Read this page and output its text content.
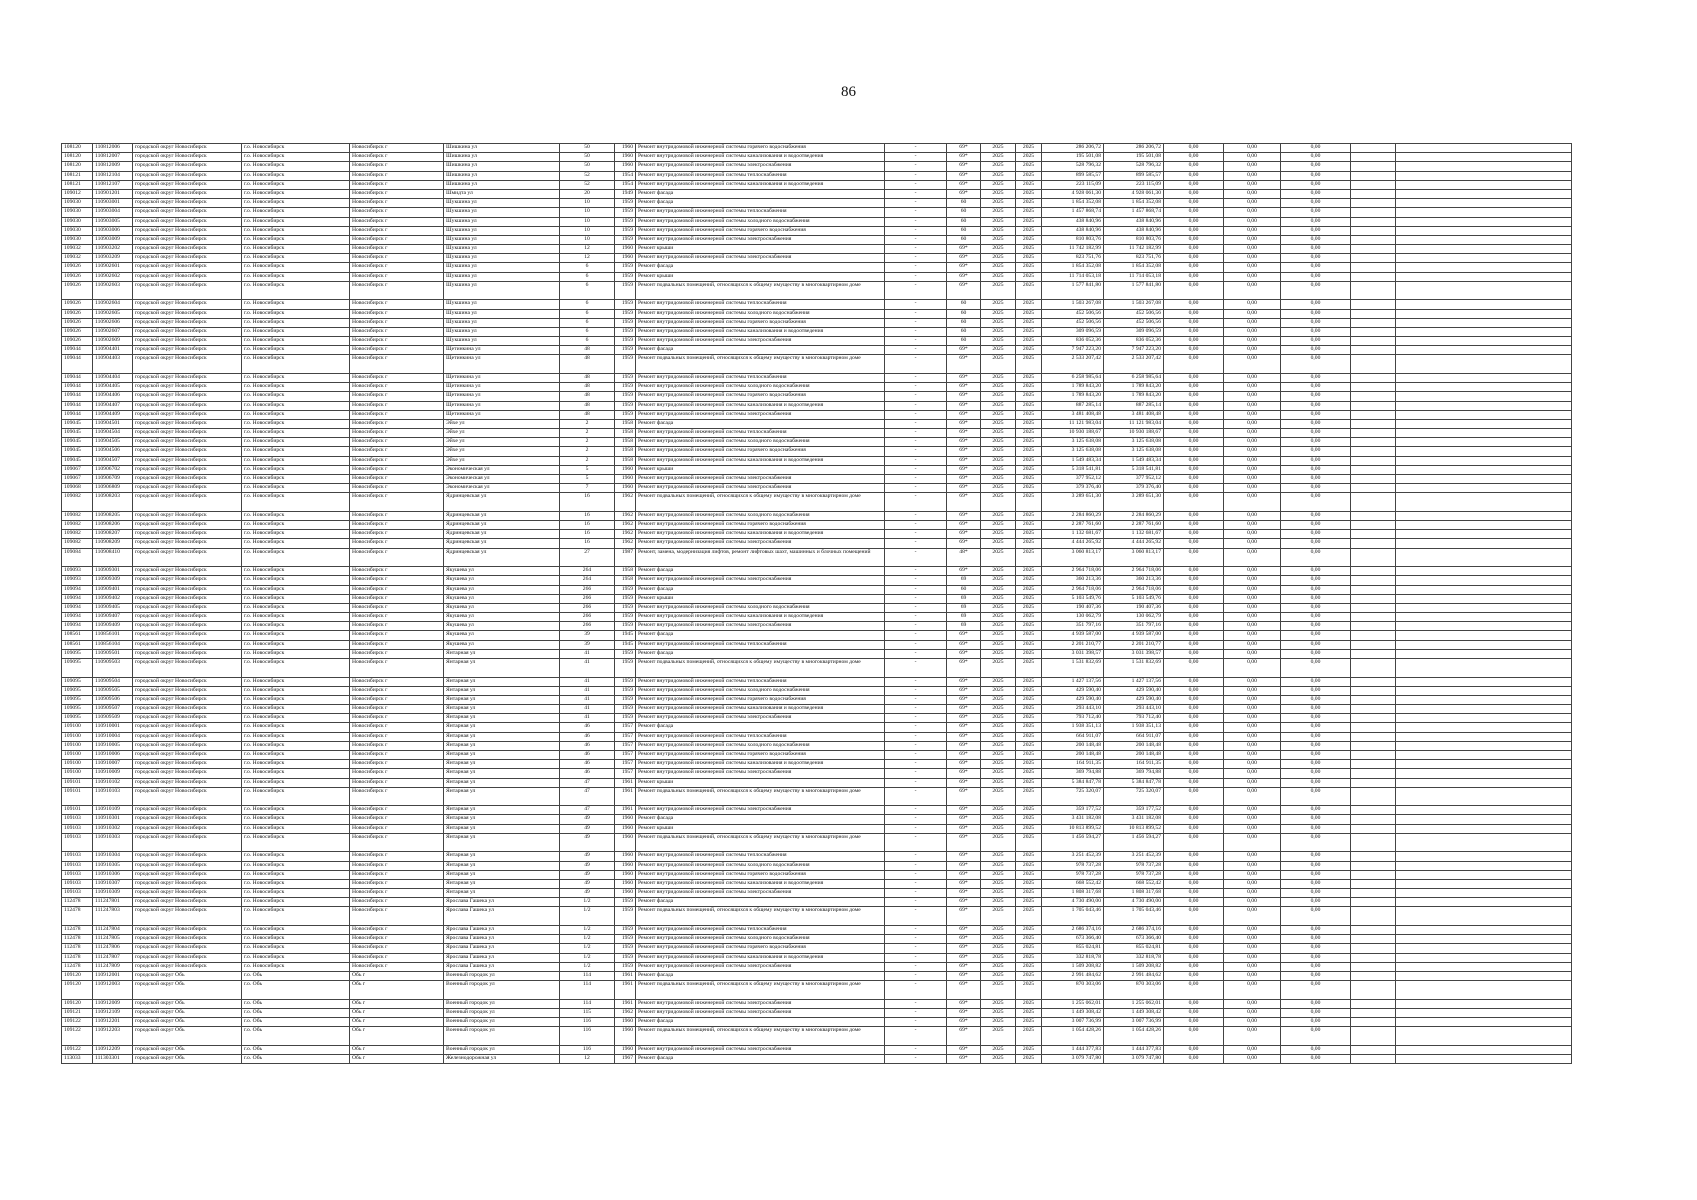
86
108120	110812006	городской округ Новосибирск	г.о. Новосибирск	Новосибирск г	Шишкина ул	50	1960	Ремонт внутридомовой инженерной системы горячего водоснабжения	-	69*	2025	2025	286 206,72	286 206,72	0,00	0,00	0,00		
108120	110812007	городской округ Новосибирск	г.о. Новосибирск	Новосибирск г	Шишкина ул	50	1960	Ремонт внутридомовой инженерной системы канализования и водоотведения	-	69*	2025	2025	195 501,08	195 501,08	0,00	0,00	0,00		
108120	110812009	городской округ Новосибирск	г.о. Новосибирск	Новосибирск г	Шишкина ул	50	1960	Ремонт внутридомовой инженерной системы электроснабжения	-	69*	2025	2025	528 796,32	528 796,32	0,00	0,00	0,00		
108121	110812104	городской округ Новосибирск	г.о. Новосибирск	Новосибирск г	Шишкина ул	52	1954	Ремонт внутридомовой инженерной системы теплоснабжения	-	69*	2025	2025	899 585,57	899 585,57	0,00	0,00	0,00		
108121	110812107	городской округ Новосибирск	г.о. Новосибирск	Новосибирск г	Шишкина ул	52	1954	Ремонт внутридомовой инженерной системы канализования и водоотведения	-	69*	2025	2025	223 115,09	223 115,09	0,00	0,00	0,00		
109012	110901201	городской округ Новосибирск	г.о. Новосибирск	Новосибирск г	Шмидта ул	20	1949	Ремонт фасада	-	69*	2025	2025	4 928 061,30	4 928 061,30	0,00	0,00	0,00		
109030	110903001	городской округ Новосибирск	г.о. Новосибирск	Новосибирск г	Шукшина ул	10	1959	Ремонт фасада	-	60	2025	2025	1 854 352,08	1 854 352,08	0,00	0,00	0,00		
109030	110903004	городской округ Новосибирск	г.о. Новосибирск	Новосибирск г	Шукшина ул	10	1959	Ремонт внутридомовой инженерной системы теплоснабжения	-	60	2025	2025	1 457 868,74	1 457 868,74	0,00	0,00	0,00		
109030	110903005	городской округ Новосибирск	г.о. Новосибирск	Новосибирск г	Шукшина ул	10	1959	Ремонт внутридомовой инженерной системы холодного водоснабжения	-	60	2025	2025	438 840,96	438 840,96	0,00	0,00	0,00		
109030	110903006	городской округ Новосибирск	г.о. Новосибирск	Новосибирск г	Шукшина ул	10	1959	Ремонт внутридомовой инженерной системы горячего водоснабжения	-	60	2025	2025	438 840,96	438 840,96	0,00	0,00	0,00		
109030	110903009	городской округ Новосибирск	г.о. Новосибирск	Новосибирск г	Шукшина ул	10	1959	Ремонт внутридомовой инженерной системы электроснабжения	-	60	2025	2025	810 803,76	810 803,76	0,00	0,00	0,00		
109032	110903202	городской округ Новосибирск	г.о. Новосибирск	Новосибирск г	Шукшина ул	12	1960	Ремонт крыши	-	69*	2025	2025	11 742 182,99	11 742 182,99	0,00	0,00	0,00		
109032	110903209	городской округ Новосибирск	г.о. Новосибирск	Новосибирск г	Шукшина ул	12	1960	Ремонт внутридомовой инженерной системы электроснабжения	-	69*	2025	2025	823 751,76	823 751,76	0,00	0,00	0,00		
109026	110902601	городской округ Новосибирск	г.о. Новосибирск	Новосибирск г	Шукшина ул	6	1959	Ремонт фасада	-	69*	2025	2025	1 854 352,08	1 854 352,08	0,00	0,00	0,00		
109026	110902602	городской округ Новосибирск	г.о. Новосибирск	Новосибирск г	Шукшина ул	6	1959	Ремонт крыши	-	69*	2025	2025	11 714 053,18	11 714 053,18	0,00	0,00	0,00		
109026	110902603	городской округ Новосибирск	г.о. Новосибирск	Новосибирск г	Шукшина ул	6	1959	Ремонт подвальных помещений, относящихся к общему имуществу в многоквартирном доме	-	69*	2025	2025	1 577 841,80	1 577 841,80	0,00	0,00	0,00		
109026	110902604	городской округ Новосибирск	г.о. Новосибирск	Новосибирск г	Шукшина ул	6	1959	Ремонт внутридомовой инженерной системы теплоснабжения	-	60	2025	2025	1 503 267,08	1 503 267,08	0,00	0,00	0,00		
109026	110902605	городской округ Новосибирск	г.о. Новосибирск	Новосибирск г	Шукшина ул	6	1959	Ремонт внутридомовой инженерной системы холодного водоснабжения	-	60	2025	2025	452 506,56	452 506,56	0,00	0,00	0,00		
109026	110902606	городской округ Новосибирск	г.о. Новосибирск	Новосибирск г	Шукшина ул	6	1959	Ремонт внутридомовой инженерной системы горячего водоснабжения	-	60	2025	2025	452 506,56	452 506,56	0,00	0,00	0,00		
109026	110902607	городской округ Новосибирск	г.о. Новосибирск	Новосибирск г	Шукшина ул	6	1959	Ремонт внутридомовой инженерной системы канализования и водоотведения	-	60	2025	2025	309 096,59	309 096,59	0,00	0,00	0,00		
109026	110902609	городской округ Новосибирск	г.о. Новосибирск	Новосибирск г	Шукшина ул	6	1959	Ремонт внутридомовой инженерной системы электроснабжения	-	60	2025	2025	836 052,36	836 052,36	0,00	0,00	0,00		
109044	110904401	городской округ Новосибирск	г.о. Новосибирск	Новосибирск г	Щетинкина ул	48	1959	Ремонт фасада	-	69*	2025	2025	7 947 223,20	7 947 223,20	0,00	0,00	0,00		
109044	110904403	городской округ Новосибирск	г.о. Новосибирск	Новосибирск г	Щетинкина ул	48	1959	Ремонт подвальных помещений, относящихся к общему имуществу в многоквартирном доме	-	69*	2025	2025	2 533 207,42	2 533 207,42	0,00	0,00	0,00		
109044	110904404	городской округ Новосибирск	г.о. Новосибирск	Новосибирск г	Щетинкина ул	48	1959	Ремонт внутридомовой инженерной системы теплоснабжения	-	69*	2025	2025	6 258 985,64	6 258 985,64	0,00	0,00	0,00		
109044	110904405	городской округ Новосибирск	г.о. Новосибирск	Новосибирск г	Щетинкина ул	48	1959	Ремонт внутридомовой инженерной системы холодного водоснабжения	-	69*	2025	2025	1 789 843,20	1 789 843,20	0,00	0,00	0,00		
109044	110904406	городской округ Новосибирск	г.о. Новосибирск	Новосибирск г	Щетинкина ул	48	1959	Ремонт внутридомовой инженерной системы горячего водоснабжения	-	69*	2025	2025	1 789 843,20	1 789 843,20	0,00	0,00	0,00		
109044	110904407	городской округ Новосибирск	г.о. Новосибирск	Новосибирск г	Щетинкина ул	48	1959	Ремонт внутридомовой инженерной системы канализования и водоотведения	-	69*	2025	2025	887 285,14	887 285,14	0,00	0,00	0,00		
109044	110904409	городской округ Новосибирск	г.о. Новосибирск	Новосибирск г	Щетинкина ул	48	1959	Ремонт внутридомовой инженерной системы электроснабжения	-	69*	2025	2025	3 481 408,48	3 481 408,48	0,00	0,00	0,00		
109045	110904501	городской округ Новосибирск	г.о. Новосибирск	Новосибирск г	Эйхе ул	2	1958	Ремонт фасада	-	69*	2025	2025	11 121 983,04	11 121 983,04	0,00	0,00	0,00		
109045	110904504	городской округ Новосибирск	г.о. Новосибирск	Новосибирск г	Эйхе ул	2	1958	Ремонт внутридомовой инженерной системы теплоснабжения	-	69*	2025	2025	10 930 188,67	10 930 188,67	0,00	0,00	0,00		
109045	110904505	городской округ Новосибирск	г.о. Новосибирск	Новосибирск г	Эйхе ул	2	1958	Ремонт внутридомовой инженерной системы холодного водоснабжения	-	69*	2025	2025	3 125 638,08	3 125 638,08	0,00	0,00	0,00		
109045	110904506	городской округ Новосибирск	г.о. Новосибирск	Новосибирск г	Эйхе ул	2	1958	Ремонт внутридомовой инженерной системы горячего водоснабжения	-	69*	2025	2025	3 125 638,08	3 125 638,08	0,00	0,00	0,00		
109045	110904507	городской округ Новосибирск	г.о. Новосибирск	Новосибирск г	Эйхе ул	2	1958	Ремонт внутридомовой инженерной системы канализования и водоотведения	-	69*	2025	2025	1 549 483,34	1 549 483,34	0,00	0,00	0,00		
109067	110906702	городской округ Новосибирск	г.о. Новосибирск	Новосибирск г	Экономическая ул	5	1960	Ремонт крыши	-	69*	2025	2025	5 318 541,81	5 318 541,81	0,00	0,00	0,00		
109067	110906709	городской округ Новосибирск	г.о. Новосибирск	Новосибирск г	Экономическая ул	5	1960	Ремонт внутридомовой инженерной системы электроснабжения	-	69*	2025	2025	377 952,12	377 952,12	0,00	0,00	0,00		
109068	110906809	городской округ Новосибирск	г.о. Новосибирск	Новосибирск г	Экономическая ул	7	1960	Ремонт внутридомовой инженерной системы электроснабжения	-	69*	2025	2025	379 376,40	379 376,40	0,00	0,00	0,00		
109082	110908203	городской округ Новосибирск	г.о. Новосибирск	Новосибирск г	Ядринцевская ул	16	1962	Ремонт подвальных помещений, относящихся к общему имуществу в многоквартирном доме	-	69*	2025	2025	3 289 651,30	3 289 651,30	0,00	0,00	0,00		
109082	110908205	городской округ Новосибирск	г.о. Новосибирск	Новосибирск г	Ядринцевская ул	16	1962	Ремонт внутридомовой инженерной системы холодного водоснабжения	-	69*	2025	2025	2 284 860,29	2 284 860,29	0,00	0,00	0,00		
109082	110908206	городской округ Новосибирск	г.о. Новосибирск	Новосибирск г	Ядринцевская ул	16	1962	Ремонт внутридомовой инженерной системы горячего водоснабжения	-	69*	2025	2025	2 287 761,60	2 287 761,60	0,00	0,00	0,00		
109082	110908207	городской округ Новосибирск	г.о. Новосибирск	Новосибирск г	Ядринцевская ул	16	1962	Ремонт внутридомовой инженерной системы канализования и водоотведения	-	69*	2025	2025	1 132 681,67	1 132 681,67	0,00	0,00	0,00		
109082	110908209	городской округ Новосибирск	г.о. Новосибирск	Новосибирск г	Ядринцевская ул	16	1962	Ремонт внутридомовой инженерной системы электроснабжения	-	69*	2025	2025	4 444 265,92	4 444 265,92	0,00	0,00	0,00		
109084	110908410	городской округ Новосибирск	г.о. Новосибирск	Новосибирск г	Ядринцевская ул	27	1987	Ремонт, замена, модернизация лифтов, ремонт лифтовых шахт, машинных и блочных помещений	-	48*	2025	2025	3 060 813,17	3 060 813,17	0,00	0,00	0,00		
109093	110909301	городской округ Новосибирск	г.о. Новосибирск	Новосибирск г	Якушева ул	264	1958	Ремонт фасада	-	69*	2025	2025	2 964 718,06	2 964 718,06	0,00	0,00	0,00		
109093	110909309	городской округ Новосибирск	г.о. Новосибирск	Новосибирск г	Якушева ул	264	1958	Ремонт внутридомовой инженерной системы электроснабжения	-	69	2025	2025	360 213,36	360 213,36	0,00	0,00	0,00		
109094	110909401	городской округ Новосибирск	г.о. Новосибирск	Новосибирск г	Якушева ул	266	1959	Ремонт фасада	-	60	2025	2025	2 964 718,06	2 964 718,06	0,00	0,00	0,00		
109094	110909402	городской округ Новосибирск	г.о. Новосибирск	Новосибирск г	Якушева ул	266	1959	Ремонт крыши	-	69	2025	2025	5 103 549,76	5 103 549,76	0,00	0,00	0,00		
109094	110909405	городской округ Новосибирск	г.о. Новосибирск	Новосибирск г	Якушева ул	266	1959	Ремонт внутридомовой инженерной системы холодного водоснабжения	-	69	2025	2025	190 407,36	190 407,36	0,00	0,00	0,00		
109094	110909407	городской округ Новосибирск	г.о. Новосибирск	Новосибирск г	Якушева ул	266	1959	Ремонт внутридомовой инженерной системы канализования и водоотведения	-	69	2025	2025	130 062,79	130 062,79	0,00	0,00	0,00		
109094	110909409	городской округ Новосибирск	г.о. Новосибирск	Новосибирск г	Якушева ул	266	1959	Ремонт внутридомовой инженерной системы электроснабжения	-	69	2025	2025	351 797,16	351 797,16	0,00	0,00	0,00		
108561	110856101	городской округ Новосибирск	г.о. Новосибирск	Новосибирск г	Якушева ул	39	1945	Ремонт фасада	-	69*	2025	2025	4 939 587,00	4 939 587,00	0,00	0,00	0,00		
108561	110856104	городской округ Новосибирск	г.о. Новосибирск	Новосибирск г	Якушева ул	39	1945	Ремонт внутридомовой инженерной системы теплоснабжения	-	69*	2025	2025	2 201 210,77	2 201 210,77	0,00	0,00	0,00		
109095	110909501	городской округ Новосибирск	г.о. Новосибирск	Новосибирск г	Янтарная ул	41	1959	Ремонт фасада	-	69*	2025	2025	3 031 398,57	3 031 398,57	0,00	0,00	0,00		
109095	110909503	городской округ Новосибирск	г.о. Новосибирск	Новосибирск г	Янтарная ул	41	1959	Ремонт подвальных помещений, относящихся к общему имуществу в многоквартирном доме	-	69*	2025	2025	1 531 832,69	1 531 832,69	0,00	0,00	0,00		
109095	110909504	городской округ Новосибирск	г.о. Новосибирск	Новосибирск г	Янтарная ул	41	1959	Ремонт внутридомовой инженерной системы теплоснабжения	-	69*	2025	2025	1 427 137,56	1 427 137,56	0,00	0,00	0,00		
109095	110909505	городской округ Новосибирск	г.о. Новосибирск	Новосибирск г	Янтарная ул	41	1959	Ремонт внутридомовой инженерной системы холодного водоснабжения	-	69*	2025	2025	429 590,40	429 590,40	0,00	0,00	0,00		
109095	110909506	городской округ Новосибирск	г.о. Новосибирск	Новосибирск г	Янтарная ул	41	1959	Ремонт внутридомовой инженерной системы горячего водоснабжения	-	69*	2025	2025	429 590,40	429 590,40	0,00	0,00	0,00		
109095	110909507	городской округ Новосибирск	г.о. Новосибирск	Новосибирск г	Янтарная ул	41	1959	Ремонт внутридомовой инженерной системы канализования и водоотведения	-	69*	2025	2025	293 443,10	293 443,10	0,00	0,00	0,00		
109095	110909509	городской округ Новосибирск	г.о. Новосибирск	Новосибирск г	Янтарная ул	41	1959	Ремонт внутридомовой инженерной системы электроснабжения	-	69*	2025	2025	793 712,40	793 712,40	0,00	0,00	0,00		
109100	110910001	городской округ Новосибирск	г.о. Новосибирск	Новосибирск г	Янтарная ул	46	1957	Ремонт фасада	-	69*	2025	2025	1 938 351,13	1 938 351,13	0,00	0,00	0,00		
109100	110910004	городской округ Новосибирск	г.о. Новосибирск	Новосибирск г	Янтарная ул	46	1957	Ремонт внутридомовой инженерной системы теплоснабжения	-	69*	2025	2025	664 911,07	664 911,07	0,00	0,00	0,00		
109100	110910005	городской округ Новосибирск	г.о. Новосибирск	Новосибирск г	Янтарная ул	46	1957	Ремонт внутридомовой инженерной системы холодного водоснабжения	-	69*	2025	2025	200 148,48	200 148,48	0,00	0,00	0,00		
109100	110910006	городской округ Новосибирск	г.о. Новосибирск	Новосибирск г	Янтарная ул	46	1957	Ремонт внутридомовой инженерной системы горячего водоснабжения	-	69*	2025	2025	200 148,48	200 148,48	0,00	0,00	0,00		
109100	110910007	городской округ Новосибирск	г.о. Новосибирск	Новосибирск г	Янтарная ул	46	1957	Ремонт внутридомовой инженерной системы канализования и водоотведения	-	69*	2025	2025	164 911,35	164 911,35	0,00	0,00	0,00		
109100	110910009	городской округ Новосибирск	г.о. Новосибирск	Новосибирск г	Янтарная ул	46	1957	Ремонт внутридомовой инженерной системы электроснабжения	-	69*	2025	2025	369 794,88	369 794,88	0,00	0,00	0,00		
109101	110910102	городской округ Новосибирск	г.о. Новосибирск	Новосибирск г	Янтарная ул	47	1961	Ремонт крыши	-	69*	2025	2025	5 384 847,78	5 384 847,78	0,00	0,00	0,00		
109101	110910103	городской округ Новосибирск	г.о. Новосибирск	Новосибирск г	Янтарная ул	47	1961	Ремонт подвальных помещений, относящихся к общему имуществу в многоквартирном доме	-	69*	2025	2025	725 320,07	725 320,07	0,00	0,00	0,00		
109101	110910109	городской округ Новосибирск	г.о. Новосибирск	Новосибирск г	Янтарная ул	47	1961	Ремонт внутридомовой инженерной системы электроснабжения	-	69*	2025	2025	359 177,52	359 177,52	0,00	0,00	0,00		
109103	110910301	городской округ Новосибирск	г.о. Новосибирск	Новосибирск г	Янтарная ул	49	1960	Ремонт фасада	-	69*	2025	2025	3 431 182,08	3 431 182,08	0,00	0,00	0,00		
109103	110910302	городской округ Новосибирск	г.о. Новосибирск	Новосибирск г	Янтарная ул	49	1960	Ремонт крыши	-	69*	2025	2025	10 813 899,52	10 813 899,52	0,00	0,00	0,00		
109103	110910303	городской округ Новосибирск	г.о. Новосибирск	Новосибирск г	Янтарная ул	49	1960	Ремонт подвальных помещений, относящихся к общему имуществу в многоквартирном доме	-	69*	2025	2025	1 456 594,27	1 456 594,27	0,00	0,00	0,00		
109103	110910304	городской округ Новосибирск	г.о. Новосибирск	Новосибирск г	Янтарная ул	49	1960	Ремонт внутридомовой инженерной системы теплоснабжения	-	69*	2025	2025	3 251 452,39	3 251 452,39	0,00	0,00	0,00		
109103	110910305	городской округ Новосибирск	г.о. Новосибирск	Новосибирск г	Янтарная ул	49	1960	Ремонт внутридомовой инженерной системы холодного водоснабжения	-	69*	2025	2025	978 737,28	978 737,28	0,00	0,00	0,00		
109103	110910306	городской округ Новосибирск	г.о. Новосибирск	Новосибирск г	Янтарная ул	49	1960	Ремонт внутридомовой инженерной системы горячего водоснабжения	-	69*	2025	2025	978 737,28	978 737,28	0,00	0,00	0,00		
109103	110910307	городской округ Новосибирск	г.о. Новосибирск	Новосибирск г	Янтарная ул	49	1960	Ремонт внутридомовой инженерной системы канализования и водоотведения	-	69*	2025	2025	668 552,42	668 552,42	0,00	0,00	0,00		
109103	110910309	городской округ Новосибирск	г.о. Новосибирск	Новосибирск г	Янтарная ул	49	1960	Ремонт внутридомовой инженерной системы электроснабжения	-	69*	2025	2025	1 808 317,68	1 808 317,68	0,00	0,00	0,00		
112478	111247801	городской округ Новосибирск	г.о. Новосибирск	Новосибирск г	Ярослава Гашека ул	1/2	1959	Ремонт фасада	-	69*	2025	2025	4 730 490,00	4 730 490,00	0,00	0,00	0,00		
112478	111247803	городской округ Новосибирск	г.о. Новосибирск	Новосибирск г	Ярослава Гашека ул	1/2	1959	Ремонт подвальных помещений, относящихся к общему имуществу в многоквартирном доме	-	69*	2025	2025	1 705 043,46	1 705 043,46	0,00	0,00	0,00		
112478	111247804	городской округ Новосибирск	г.о. Новосибирск	Новосибирск г	Ярослава Гашека ул	1/2	1959	Ремонт внутридомовой инженерной системы теплоснабжения	-	69*	2025	2025	2 686 374,16	2 686 374,16	0,00	0,00	0,00		
112478	111247805	городской округ Новосибирск	г.о. Новосибирск	Новосибирск г	Ярослава Гашека ул	1/2	1959	Ремонт внутридомовой инженерной системы холодного водоснабжения	-	69*	2025	2025	673 366,40	673 366,40	0,00	0,00	0,00		
112478	111247806	городской округ Новосибирск	г.о. Новосибирск	Новосибирск г	Ярослава Гашека ул	1/2	1959	Ремонт внутридомовой инженерной системы горячего водоснабжения	-	69*	2025	2025	855 024,81	855 024,81	0,00	0,00	0,00		
112478	111247807	городской округ Новосибирск	г.о. Новосибирск	Новосибирск г	Ярослава Гашека ул	1/2	1959	Ремонт внутридомовой инженерной системы канализования и водоотведения	-	69*	2025	2025	332 818,78	332 818,78	0,00	0,00	0,00		
112478	111247809	городской округ Новосибирск	г.о. Новосибирск	Новосибирск г	Ярослава Гашека ул	1/2	1959	Ремонт внутридомовой инженерной системы электроснабжения	-	69*	2025	2025	1 509 208,82	1 509 208,82	0,00	0,00	0,00		
109120	110912001	городской округ Обь	г.о. Обь	Обь г	Военный городок ул	114	1961	Ремонт фасада	-	69*	2025	2025	2 991 484,62	2 991 484,62	0,00	0,00	0,00		
109120	110912003	городской округ Обь	г.о. Обь	Обь г	Военный городок ул	114	1961	Ремонт подвальных помещений, относящихся к общему имуществу в многоквартирном доме	-	69*	2025	2025	870 303,06	870 303,06	0,00	0,00	0,00		
109120	110912009	городской округ Обь	г.о. Обь	Обь г	Военный городок ул	114	1961	Ремонт внутридомовой инженерной системы электроснабжения	-	69*	2025	2025	1 255 062,01	1 255 062,01	0,00	0,00	0,00		
109121	110912109	городской округ Обь	г.о. Обь	Обь г	Военный городок ул	115	1962	Ремонт внутридомовой инженерной системы электроснабжения	-	69*	2025	2025	1 449 308,42	1 449 308,42	0,00	0,00	0,00		
109122	110912201	городской округ Обь	г.о. Обь	Обь г	Военный городок ул	116	1960	Ремонт фасада	-	69*	2025	2025	3 007 736,99	3 007 736,99	0,00	0,00	0,00		
109122	110912203	городской округ Обь	г.о. Обь	Обь г	Военный городок ул	116	1960	Ремонт подвальных помещений, относящихся к общему имуществу в многоквартирном доме	-	69*	2025	2025	1 054 428,26	1 054 428,26	0,00	0,00	0,00		
109122	110912209	городской округ Обь	г.о. Обь	Обь г	Военный городок ул	116	1960	Ремонт внутридомовой инженерной системы электроснабжения	-	69*	2025	2025	1 444 377,83	1 444 377,83	0,00	0,00	0,00		
113033	111303301	городской округ Обь	г.о. Обь	Обь г	Железнодорожная ул	12	1967	Ремонт фасада	-	69*	2025	2025	3 079 747,80	3 079 747,80	0,00	0,00	0,00		
